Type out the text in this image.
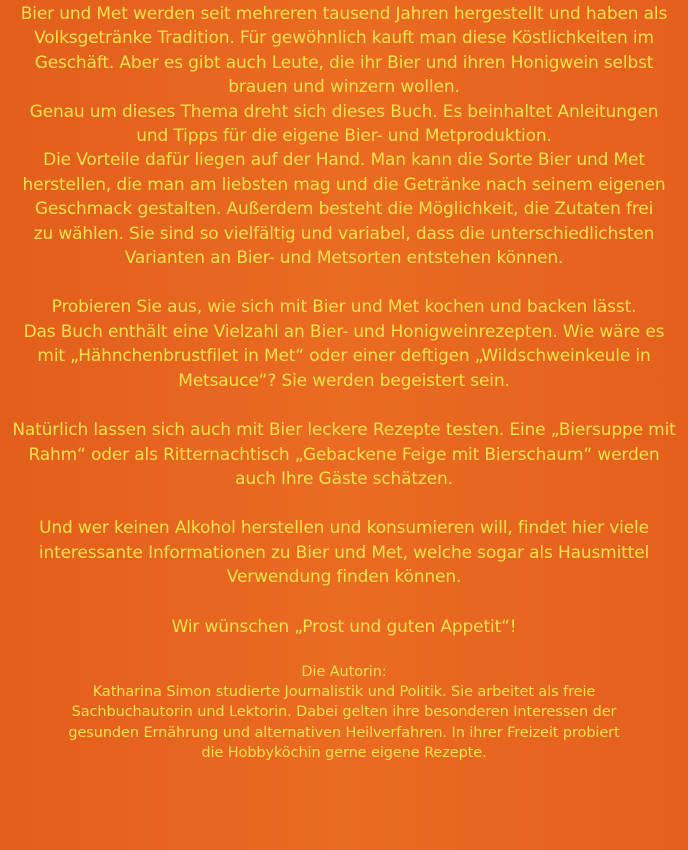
Bier und Met werden seit mehreren tausend Jahren hergestellt und haben als
Volksgetränke Tradition. Für gewöhnlich kauft man diese Köstlichkeiten im
Geschäft. Aber es gibt auch Leute, die ihr Bier und ihren Honigwein selbst
brauen und winzern wollen.
Genau um dieses Thema dreht sich dieses Buch. Es beinhaltet Anleitungen
und Tipps für die eigene Bier- und Metproduktion.
Die Vorteile dafür liegen auf der Hand. Man kann die Sorte Bier und Met
herstellen, die man am liebsten mag und die Getränke nach seinem eigenen
Geschmack gestalten. Außerdem besteht die Möglichkeit, die Zutaten frei
zu wählen. Sie sind so vielfältig und variabel, dass die unterschiedlichsten
Varianten an Bier- und Metsorten entstehen können.

Probieren Sie aus, wie sich mit Bier und Met kochen und backen lässt.
Das Buch enthält eine Vielzahl an Bier- und Honigweinrezepten. Wie wäre es
mit „Hähnchenbrustfilet in Met“ oder einer deftigen „Wildschweinkeule in
Metsauce“? Sie werden begeistert sein.

Natürlich lassen sich auch mit Bier leckere Rezepte testen. Eine „Biersuppe mit
Rahm“ oder als Ritternachtisch „Gebackene Feige mit Bierschaum“ werden
auch Ihre Gäste schätzen.

Und wer keinen Alkohol herstellen und konsumieren will, findet hier viele
interessante Informationen zu Bier und Met, welche sogar als Hausmittel
Verwendung finden können.

Wir wünschen „Prost und guten Appetit“!

Die Autorin:
Katharina Simon studierte Journalistik und Politik. Sie arbeitet als freie
Sachbuchautorin und Lektorin. Dabei gelten ihre besonderen Interessen der
gesunden Ernährung und alternativen Heilverfahren. In ihrer Freizeit probiert
die Hobbyköchin gerne eigene Rezepte.
